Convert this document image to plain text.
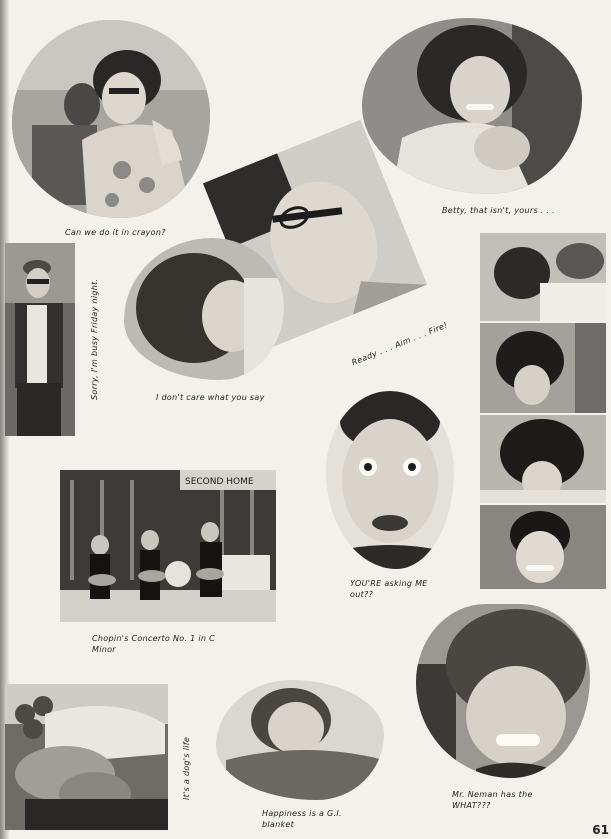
Can we do it in crayon?
Betty, that isn't, yours . . .
Ready . . . Aim . . . Fire!
Sorry, I'm busy Friday night.	I don't care what you say
YOU'RE asking ME
out??
SECOND HOME
Chopin's Concerto No. 1 in C
Minor
Mr. Neman has the
WHAT???
It's a dog's life
Happiness is a G.I.
blanket	61
